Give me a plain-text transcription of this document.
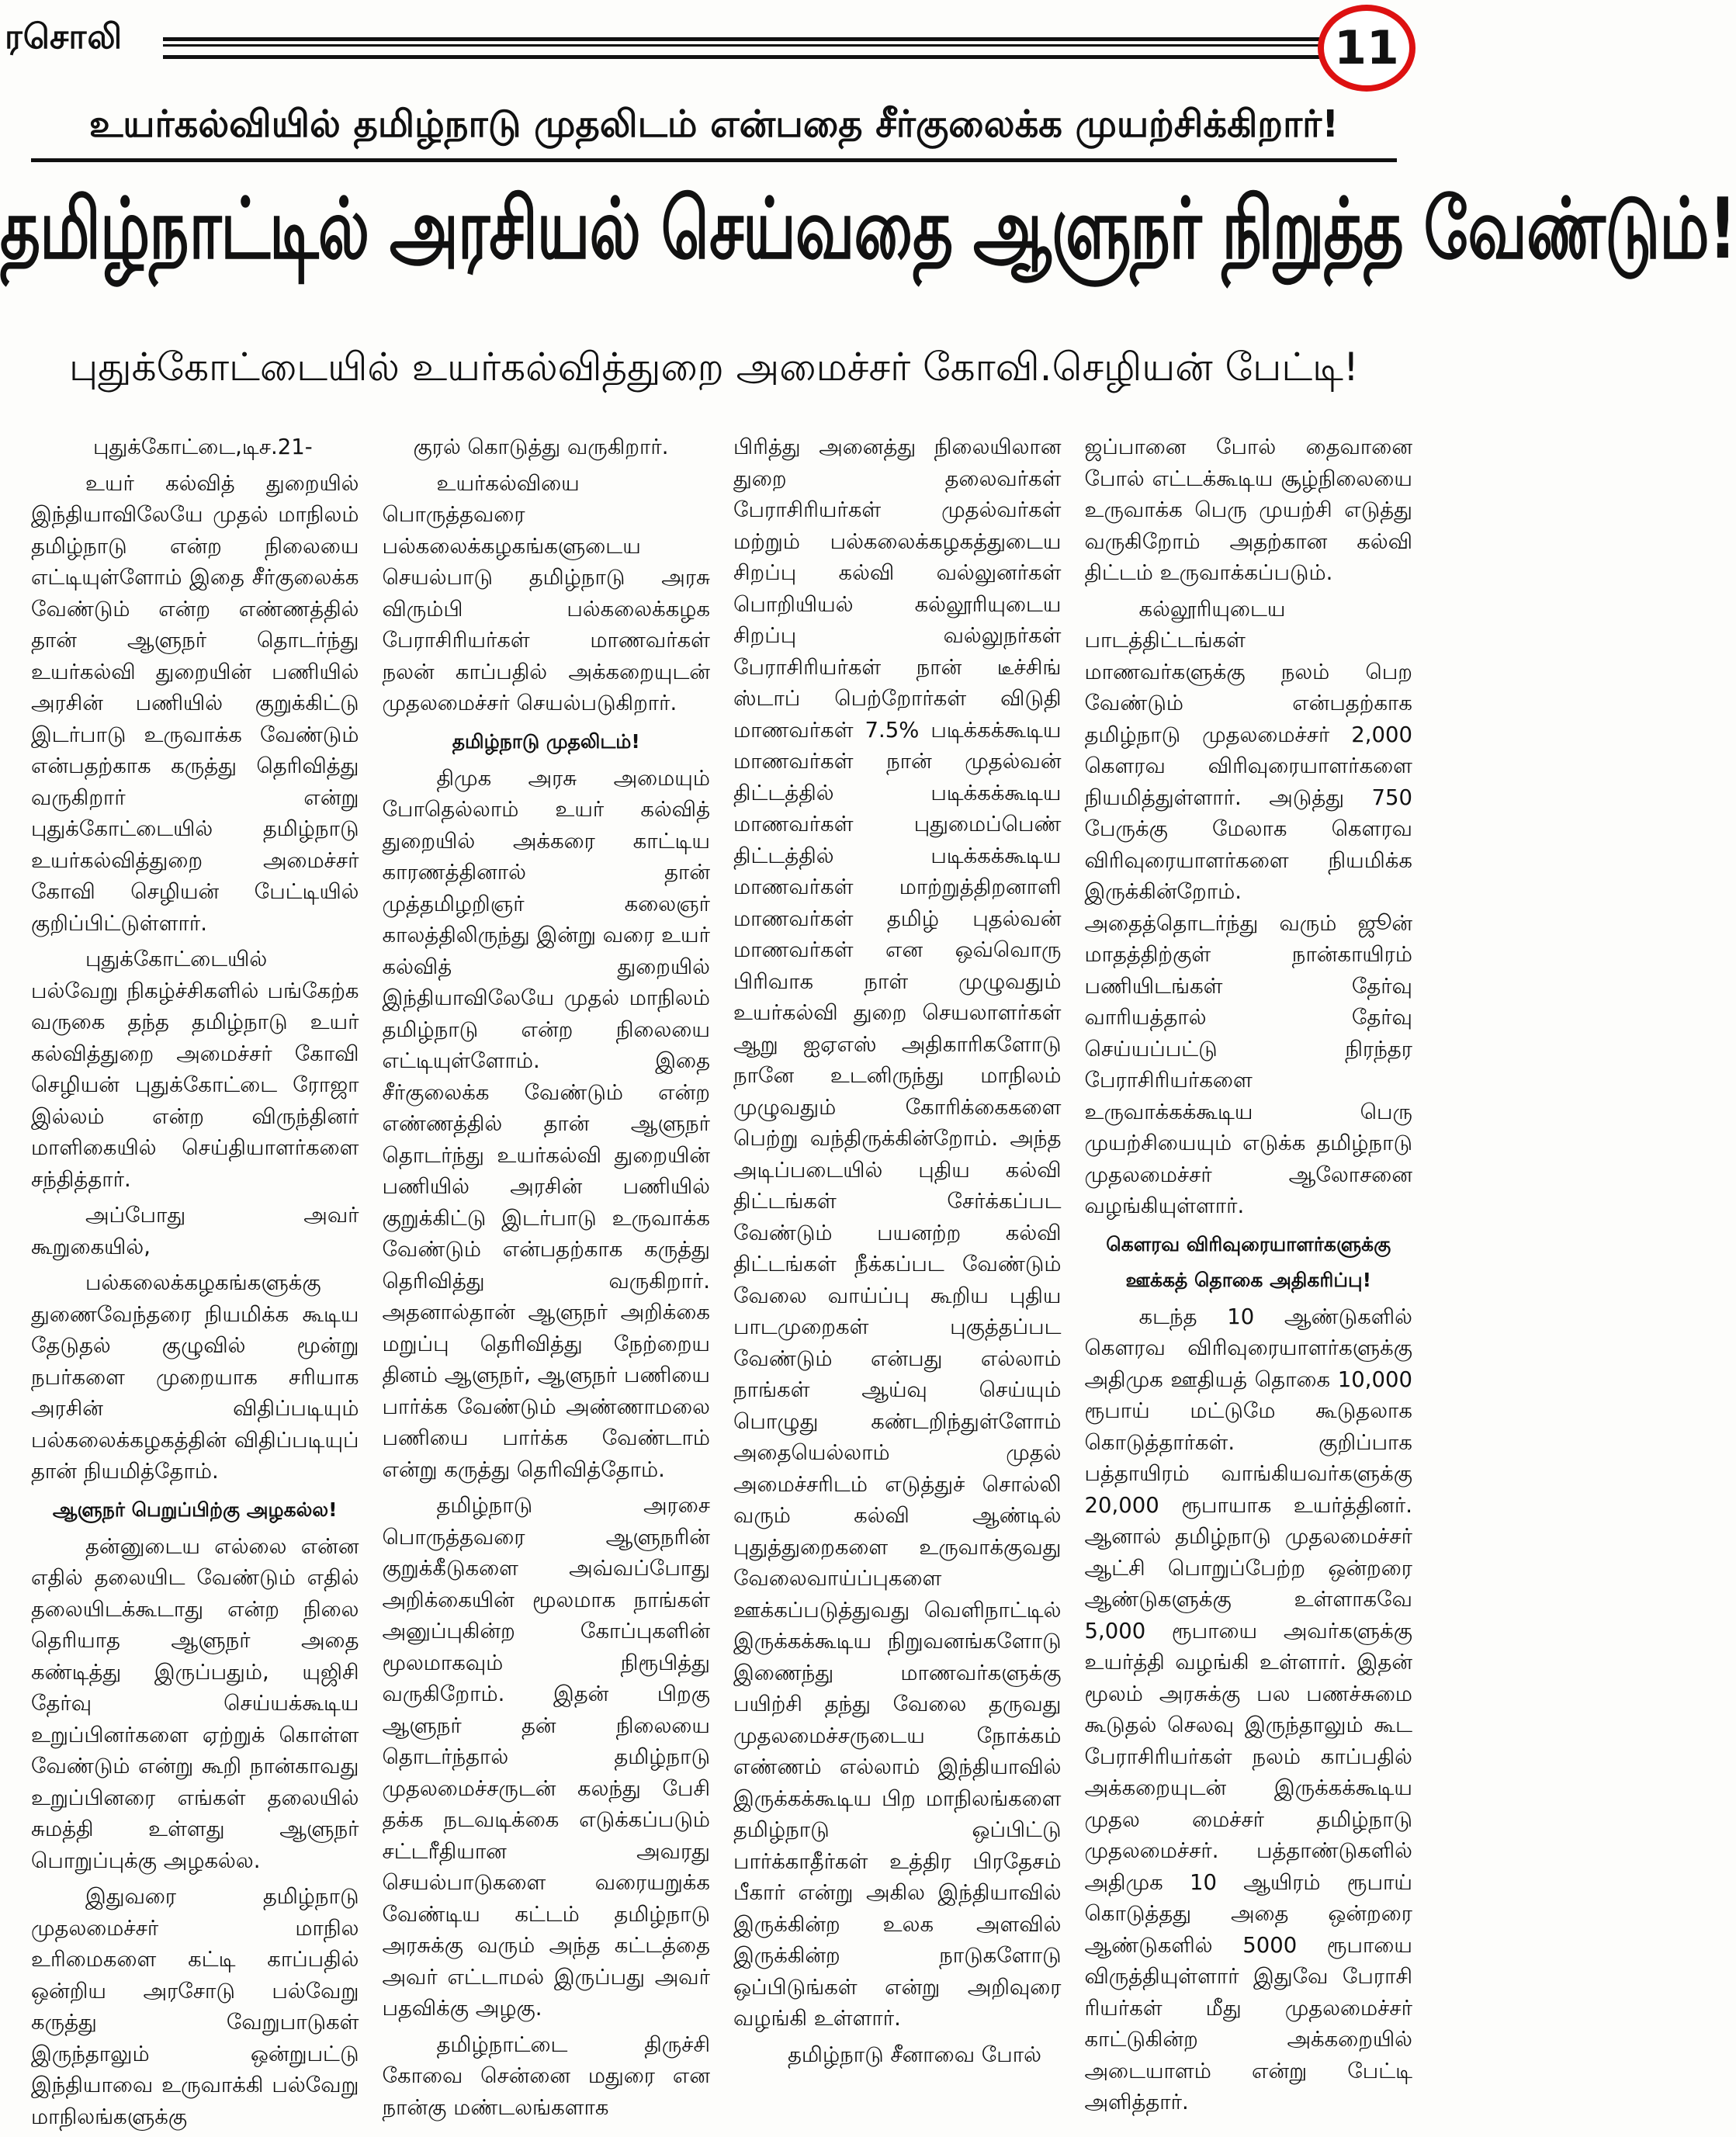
ரசொலி	11
உயர்கல்வியில் தமிழ்நாடு முதலிடம் என்பதை சீர்குலைக்க முயற்சிக்கிறார்!
தமிழ்நாட்டில் அரசியல் செய்வதை ஆளுநர் நிறுத்த வேண்டும்!
புதுக்கோட்டையில் உயர்கல்வித்துறை அமைச்சர் கோவி.செழியன் பேட்டி!

புதுக்கோட்டை,டிச.21-

உயர் கல்வித் துறையில் இந்தியாவிலேயே முதல் மாநிலம் தமிழ்நாடு என்ற நிலையை எட்டியுள்ளோம் இதை சீர்குலைக்க வேண்டும் என்ற எண்ணத்தில் தான் ஆளுநர் தொடர்ந்து உயர்கல்வி துறையின் பணியில் அரசின் பணியில் குறுக்கிட்டு இடர்பாடு உருவாக்க வேண்டும் என்பதற்காக கருத்து தெரிவித்து வருகிறார் என்று புதுக்கோட்டையில் தமிழ்நாடு உயர்கல்வித்துறை அமைச்சர் கோவி செழியன் பேட்டியில் குறிப்பிட்டுள்ளார்.

புதுக்கோட்டையில் பல்வேறு நிகழ்ச்சிகளில் பங்கேற்க வருகை தந்த தமிழ்நாடு உயர் கல்வித்துறை அமைச்சர் கோவி செழியன் புதுக்கோட்டை ரோஜா இல்லம் என்ற விருந்தினர் மாளிகையில் செய்தியாளர்களை சந்தித்தார்.

அப்போது அவர் கூறுகையில்,

பல்கலைக்கழகங்களுக்கு துணைவேந்தரை நியமிக்க கூடிய தேடுதல் குழுவில் மூன்று நபர்களை முறையாக சரியாக அரசின் விதிப்படியும் பல்கலைக்கழகத்தின் விதிப்படியுப் தான் நியமித்தோம்.

ஆளுநர் பெறுப்பிற்கு அழகல்ல!

தன்னுடைய எல்லை என்ன எதில் தலையிட வேண்டும் எதில் தலையிடக்கூடாது என்ற நிலை தெரியாத ஆளுநர் அதை கண்டித்து இருப்பதும், யுஜிசி தேர்வு செய்யக்கூடிய உறுப்பினர்களை ஏற்றுக் கொள்ள வேண்டும் என்று கூறி நான்காவது உறுப்பினரை எங்கள் தலையில் சுமத்தி உள்ளது ஆளுநர் பொறுப்புக்கு அழகல்ல.

இதுவரை தமிழ்நாடு முதலமைச்சர் மாநில உரிமைகளை கட்டி காப்பதில் ஒன்றிய அரசோடு பல்வேறு கருத்து வேறுபாடுகள் இருந்தாலும் ஒன்றுபட்டு இந்தியாவை உருவாக்கி பல்வேறு மாநிலங்களுக்கு

குரல் கொடுத்து வருகிறார்.

உயர்கல்வியை பொருத்தவரை பல்கலைக்கழகங்களுடைய செயல்பாடு தமிழ்நாடு அரசு விரும்பி பல்கலைக்கழக பேராசிரியர்கள் மாணவர்கள் நலன் காப்பதில் அக்கறையுடன் முதலமைச்சர் செயல்படுகிறார்.

தமிழ்நாடு முதலிடம்!

திமுக அரசு அமையும் போதெல்லாம் உயர் கல்வித் துறையில் அக்கரை காட்டிய காரணத்தினால் தான் முத்தமிழறிஞர் கலைஞர் காலத்திலிருந்து இன்று வரை உயர் கல்வித் துறையில் இந்தியாவிலேயே முதல் மாநிலம் தமிழ்நாடு என்ற நிலையை எட்டியுள்ளோம். இதை சீர்குலைக்க வேண்டும் என்ற எண்ணத்தில் தான் ஆளுநர் தொடர்ந்து உயர்கல்வி துறையின் பணியில் அரசின் பணியில் குறுக்கிட்டு இடர்பாடு உருவாக்க வேண்டும் என்பதற்காக கருத்து தெரிவித்து வருகிறார். அதனால்தான் ஆளுநர் அறிக்கை மறுப்பு தெரிவித்து நேற்றைய தினம் ஆளுநர், ஆளுநர் பணியை பார்க்க வேண்டும் அண்ணாமலை பணியை பார்க்க வேண்டாம் என்று கருத்து தெரிவித்தோம்.

தமிழ்நாடு அரசை பொருத்தவரை ஆளுநரின் குறுக்கீடுகளை அவ்வப்போது அறிக்கையின் மூலமாக நாங்கள் அனுப்புகின்ற கோப்புகளின் மூலமாகவும் நிரூபித்து வருகிறோம். இதன் பிறகு ஆளுநர் தன் நிலையை தொடர்ந்தால் தமிழ்நாடு முதலமைச்சருடன் கலந்து பேசி தக்க நடவடிக்கை எடுக்கப்படும் சட்டரீதியான அவரது செயல்பாடுகளை வரையறுக்க வேண்டிய கட்டம் தமிழ்நாடு அரசுக்கு வரும் அந்த கட்டத்தை அவர் எட்டாமல் இருப்பது அவர் பதவிக்கு அழகு.

தமிழ்நாட்டை திருச்சி கோவை சென்னை மதுரை என நான்கு மண்டலங்களாக

பிரித்து அனைத்து நிலையிலான துறை தலைவர்கள் பேராசிரியர்கள் முதல்வர்கள் மற்றும் பல்கலைக்கழகத்துடைய சிறப்பு கல்வி வல்லுனர்கள் பொறியியல் கல்லூரியுடைய சிறப்பு வல்லுநர்கள் பேராசிரியர்கள் நான் டீச்சிங் ஸ்டாப் பெற்றோர்கள் விடுதி மாணவர்கள் 7.5% படிக்கக்கூடிய மாணவர்கள் நான் முதல்வன் திட்டத்தில் படிக்கக்கூடிய மாணவர்கள் புதுமைப்பெண் திட்டத்தில் படிக்கக்கூடிய மாணவர்கள் மாற்றுத்திறனாளி மாணவர்கள் தமிழ் புதல்வன் மாணவர்கள் என ஒவ்வொரு பிரிவாக நாள் முழுவதும் உயர்கல்வி துறை செயலாளர்கள் ஆறு ஐஏஎஸ் அதிகாரிகளோடு நானே உடனிருந்து மாநிலம் முழுவதும் கோரிக்கைகளை பெற்று வந்திருக்கின்றோம். அந்த அடிப்படையில் புதிய கல்வி திட்டங்கள் சேர்க்கப்பட வேண்டும் பயனற்ற கல்வி திட்டங்கள் நீக்கப்பட வேண்டும் வேலை வாய்ப்பு கூறிய புதிய பாடமுறைகள் புகுத்தப்பட வேண்டும் என்பது எல்லாம் நாங்கள் ஆய்வு செய்யும் பொழுது கண்டறிந்துள்ளோம் அதையெல்லாம் முதல் அமைச்சரிடம் எடுத்துச் சொல்லி வரும் கல்வி ஆண்டில் புதுத்துறைகளை உருவாக்குவது வேலைவாய்ப்புகளை ஊக்கப்படுத்துவது வெளிநாட்டில் இருக்கக்கூடிய நிறுவனங்களோடு இணைந்து மாணவர்களுக்கு பயிற்சி தந்து வேலை தருவது முதலமைச்சருடைய நோக்கம் எண்ணம் எல்லாம் இந்தியாவில் இருக்கக்கூடிய பிற மாநிலங்களை தமிழ்நாடு ஒப்பிட்டு பார்க்காதீர்கள் உத்திர பிரதேசம் பீகார் என்று அகில இந்தியாவில் இருக்கின்ற உலக அளவில் இருக்கின்ற நாடுகளோடு ஒப்பிடுங்கள் என்று அறிவுரை வழங்கி உள்ளார்.

தமிழ்நாடு சீனாவை போல்

ஜப்பானை போல் தைவானை போல் எட்டக்கூடிய சூழ்நிலையை உருவாக்க பெரு முயற்சி எடுத்து வருகிறோம் அதற்கான கல்வி திட்டம் உருவாக்கப்படும்.

கல்லூரியுடைய பாடத்திட்டங்கள் மாணவர்களுக்கு நலம் பெற வேண்டும் என்பதற்காக தமிழ்நாடு முதலமைச்சர் 2,000 கௌரவ விரிவுரையாளர்களை நியமித்துள்ளார். அடுத்து 750 பேருக்கு மேலாக கௌரவ விரிவுரையாளர்களை நியமிக்க இருக்கின்றோம். அதைத்தொடர்ந்து வரும் ஜூன் மாதத்திற்குள் நான்காயிரம் பணியிடங்கள் தேர்வு வாரியத்தால் தேர்வு செய்யப்பட்டு நிரந்தர பேராசிரியர்களை உருவாக்கக்கூடிய பெரு முயற்சியையும் எடுக்க தமிழ்நாடு முதலமைச்சர் ஆலோசனை வழங்கியுள்ளார்.

கௌரவ விரிவுரையாளர்களுக்கு
ஊக்கத் தொகை அதிகரிப்பு!

கடந்த 10 ஆண்டுகளில் கௌரவ விரிவுரையாளர்களுக்கு அதிமுக ஊதியத் தொகை 10,000 ரூபாய் மட்டுமே கூடுதலாக கொடுத்தார்கள். குறிப்பாக பத்தாயிரம் வாங்கியவர்களுக்கு 20,000 ரூபாயாக உயர்த்தினர். ஆனால் தமிழ்நாடு முதலமைச்சர் ஆட்சி பொறுப்பேற்ற ஒன்றரை ஆண்டுகளுக்கு உள்ளாகவே 5,000 ரூபாயை அவர்களுக்கு உயர்த்தி வழங்கி உள்ளார். இதன் மூலம் அரசுக்கு பல பணச்சுமை கூடுதல் செலவு இருந்தாலும் கூட பேராசிரியர்கள் நலம் காப்பதில் அக்கறையுடன் இருக்கக்கூடிய முதல மைச்சர் தமிழ்நாடு முதலமைச்சர். பத்தாண்டுகளில் அதிமுக 10 ஆயிரம் ரூபாய் கொடுத்தது அதை ஒன்றரை ஆண்டுகளில் 5000 ரூபாயை விருத்தியுள்ளார் இதுவே பேராசி ரியர்கள் மீது முதலமைச்சர் காட்டுகின்ற அக்கறையில் அடையாளம் என்று பேட்டி அளித்தார்.
